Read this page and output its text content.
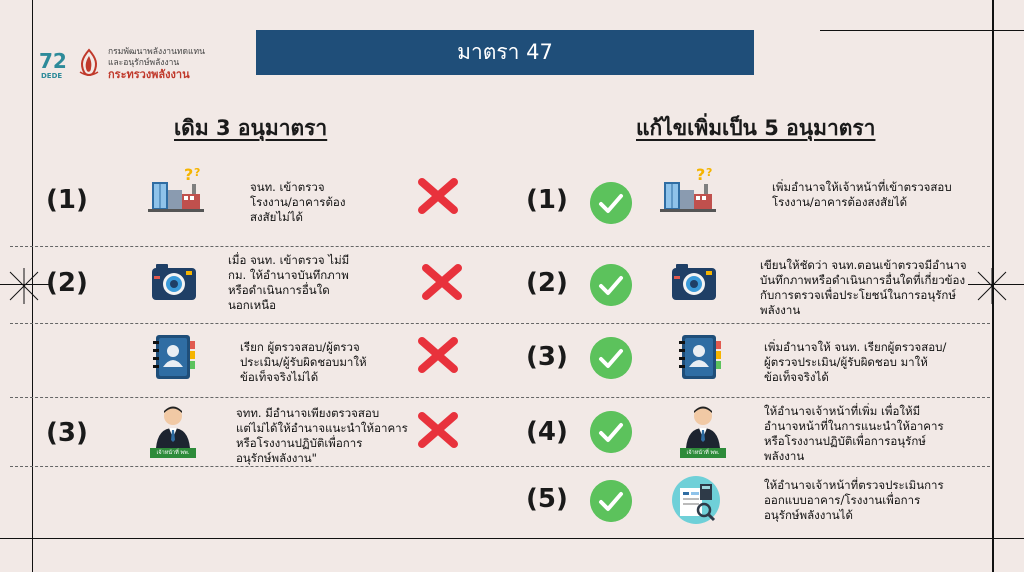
72
DEDE
กรมพัฒนาพลังงานทดแทน
และอนุรักษ์พลังงาน
กระทรวงพลังงาน
มาตรา 47
เดิม 3 อนุมาตรา	แก้ไขเพิ่มเป็น 5 อนุมาตรา
(1)	จนท. เข้าตรวจ
โรงงาน/อาคารต้อง
สงสัยไม่ได้
(2)
เมื่อ จนท. เข้าตรวจ ไม่มี
กม. ให้อำนาจบันทึกภาพ
หรือดำเนินการอื่นใด
นอกเหนือ
เรียก ผู้ตรวจสอบ/ผู้ตรวจ
ประเมิน/ผู้รับผิดชอบมาให้
ข้อเท็จจริงไม่ได้
(3)
เจ้าหน้าที่ พพ.
จทท. มีอำนาจเพียงตรวจสอบ
แต่ไม่ได้ให้อำนาจแนะนำให้อาคาร
หรือโรงงานปฏิบัติเพื่อการ
อนุรักษ์พลังงาน"
(1)
(2)
(3)
(4)
(5)
เจ้าหน้าที่ พพ.
เพิ่มอำนาจให้เจ้าหน้าที่เข้าตรวจสอบ
โรงงาน/อาคารต้องสงสัยได้
เขียนให้ชัดว่า จนท.ตอนเข้าตรวจมีอำนาจ
บันทึกภาพหรือดำเนินการอื่นใดที่เกี่ยวข้อง
กับการตรวจเพื่อประโยชน์ในการอนุรักษ์
พลังงาน
เพิ่มอำนาจให้ จนท. เรียกผู้ตรวจสอบ/
ผู้ตรวจประเมิน/ผู้รับผิดชอบ มาให้
ข้อเท็จจริงได้
ให้อำนาจเจ้าหน้าที่เพิ่ม เพื่อให้มี
อำนาจหน้าที่ในการแนะนำให้อาคาร
หรือโรงงานปฏิบัติเพื่อการอนุรักษ์
พลังงาน
ให้อำนาจเจ้าหน้าที่ตรวจประเมินการ
ออกแบบอาคาร/โรงงานเพื่อการ
อนุรักษ์พลังงานได้
